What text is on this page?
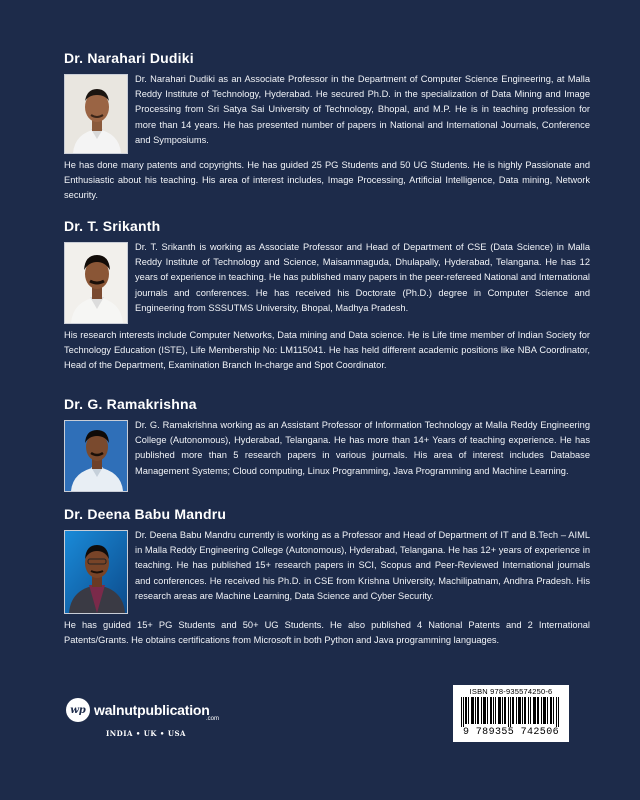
Dr. Narahari Dudiki

Dr. Narahari Dudiki as an Associate Professor in the Department of Computer Science Engineering, at Malla Reddy Institute of Technology, Hyderabad. He secured Ph.D. in the specialization of Data Mining and Image Processing from Sri Satya Sai University of Technology, Bhopal, and M.P. He is in teaching profession for more than 14 years. He has presented number of papers in National and International Journals, Conference and Symposiums.

He has done many patents and copyrights. He has guided 25 PG Students and 50 UG Students. He is highly Passionate and Enthusiastic about his teaching. His area of interest includes, Image Processing, Artificial Intelligence, Data mining, Network security.

Dr. T. Srikanth

Dr. T. Srikanth is working as Associate Professor and Head of Department of CSE (Data Science) in Malla Reddy Institute of Technology and Science, Maisammaguda, Dhulapally, Hyderabad, Telangana. He has 12 years of experience in teaching. He has published many papers in the peer-refereed National and International journals and conferences. He has received his Doctorate (Ph.D.) degree in Computer Science and Engineering from SSSUTMS University, Bhopal, Madhya Pradesh.

His research interests include Computer Networks, Data mining and Data science. He is Life time member of Indian Society for Technology Education (ISTE), Life Membership No: LM115041. He has held different academic positions like NBA Coordinator, Head of the Department, Examination Branch In-charge and Spot Coordinator.

Dr. G. Ramakrishna

Dr. G. Ramakrishna working as an Assistant Professor of Information Technology at Malla Reddy Engineering College (Autonomous), Hyderabad, Telangana. He has more than 14+ Years of teaching experience. He has published more than 5 research papers in various journals. His area of interest includes Database Management Systems; Cloud computing, Linux Programming, Java Programming and Machine Learning.

Dr. Deena Babu Mandru

Dr. Deena Babu Mandru currently is working as a Professor and Head of Department of IT and B.Tech – AIML in Malla Reddy Engineering College (Autonomous), Hyderabad, Telangana. He has 12+ years of experience in teaching. He has published 15+ research papers in SCI, Scopus and Peer-Reviewed International journals and conferences. He received his Ph.D. in CSE from Krishna University, Machilipatnam, Andhra Pradesh. His research areas are Machine Learning, Data Science and Cyber Security.

He has guided 15+ PG Students and 50+ UG Students. He also published 4 National Patents and 2 International Patents/Grants. He obtains certifications from Microsoft in both Python and Java programming languages.

wp walnutpublication
.com
INDIA • UK • USA
ISBN 978-935574250-6
9 789355 742506
